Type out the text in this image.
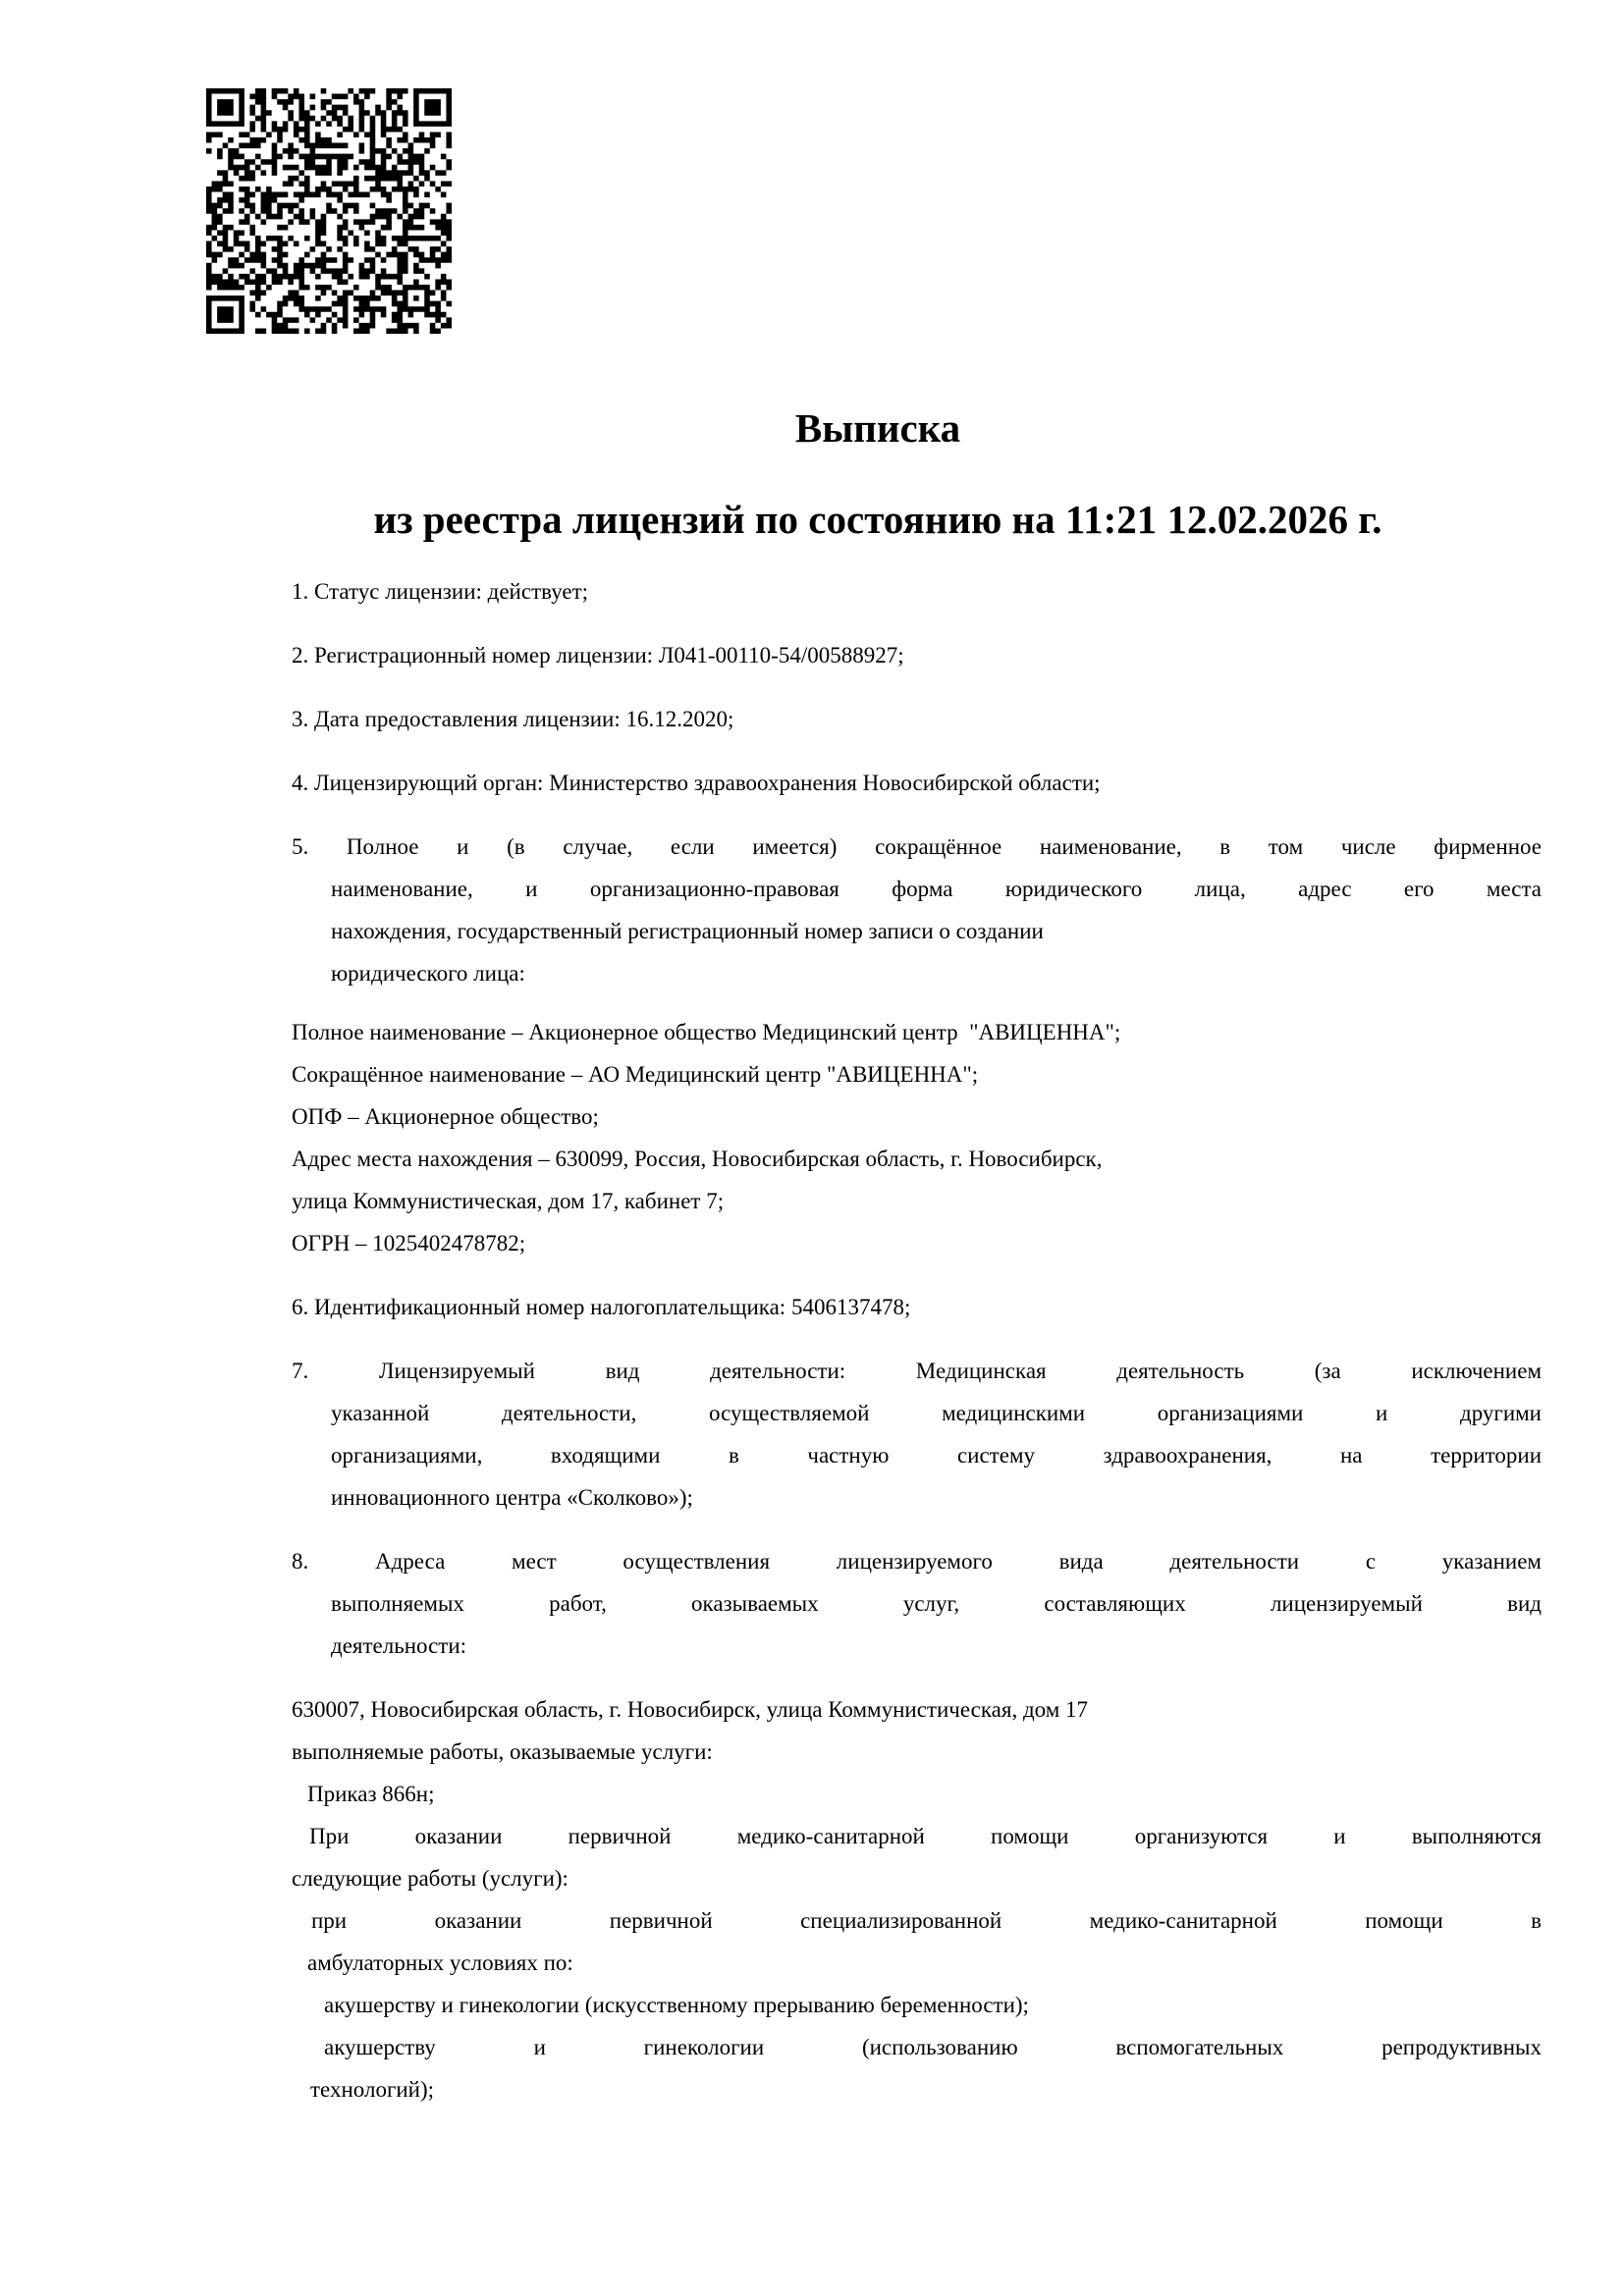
Выписка
из реестра лицензий по состоянию на 11:21 12.02.2026 г.
1. Статус лицензии: действует;
2. Регистрационный номер лицензии: Л041-00110-54/00588927;
3. Дата предоставления лицензии: 16.12.2020;
4. Лицензирующий орган: Министерство здравоохранения Новосибирской области;
5. Полное и (в случае, если имеется) сокращённое наименование, в том числе фирменное
наименование, и организационно-правовая форма юридического лица, адрес его места
нахождения, государственный регистрационный номер записи о создании
юридического лица:
Полное наименование – Акционерное общество Медицинский центр  "АВИЦЕННА";
Сокращённое наименование – АО Медицинский центр "АВИЦЕННА";
ОПФ – Акционерное общество;
Адрес места нахождения – 630099, Россия, Новосибирская область, г. Новосибирск,
улица Коммунистическая, дом 17, кабинет 7;
ОГРН – 1025402478782;
6. Идентификационный номер налогоплательщика: 5406137478;
7. Лицензируемый вид деятельности: Медицинская деятельность (за исключением
указанной деятельности, осуществляемой медицинскими организациями и другими
организациями, входящими в частную систему здравоохранения, на территории
инновационного центра «Сколково»);
8. Адреса мест осуществления лицензируемого вида деятельности с указанием
выполняемых работ, оказываемых услуг, составляющих лицензируемый вид
деятельности:
630007, Новосибирская область, г. Новосибирск, улица Коммунистическая, дом 17
выполняемые работы, оказываемые услуги:
Приказ 866н;
При оказании первичной медико-санитарной помощи организуются и выполняются
следующие работы (услуги):
при оказании первичной специализированной медико-санитарной помощи в
амбулаторных условиях по:
акушерству и гинекологии (искусственному прерыванию беременности);
акушерству и гинекологии (использованию вспомогательных репродуктивных
технологий);
